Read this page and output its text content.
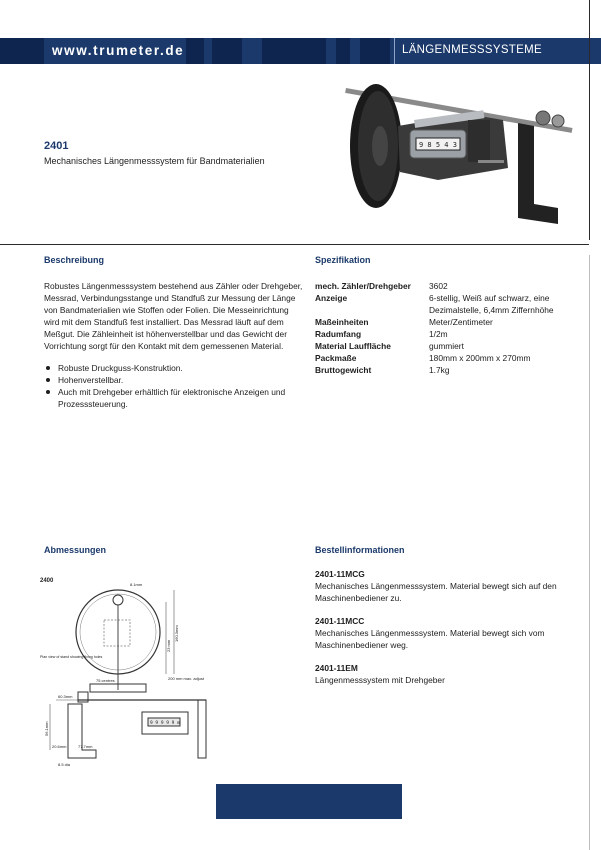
www.trumeter.de	LÄNGENMESSSYSTEME
2401
Mechanisches Längenmesssystem für Bandmaterialien
9 8 5 4 3
Beschreibung
Robustes Längenmesssystem bestehend aus Zähler oder Drehgeber, Messrad, Verbindungsstange und Standfuß zur Messung der Länge von Bandmaterialien wie Stoffen oder Folien. Die Messeinrichtung wird mit dem Standfuß fest installiert. Das Messrad läuft auf dem Meßgut. Die Zähleinheit ist höhenverstellbar und das Gewicht der Vorrichtung sorgt für den Kontakt mit dem gemessenen Material.
Robuste Druckguss-Konstruktion.
Hohenverstellbar.
Auch mit Drehgeber erhältlich für elektronische Anzeigen und Prozesssteuerung.
Spezifikation
mech. Zähler/Drehgeber	3602
Anzeige	6-stellig, Weiß auf schwarz, eine Dezimalstelle, 6,4mm Ziffernhöhe
Maßeinheiten	Meter/Zentimeter
Radumfang	1/2m
Material Lauffläche	gummiert
Packmaße	180mm x 200mm x 270mm
Bruttogewicht	1.7kg
Abmessungen
2400
160.3mm
23 mm
8.1mm
75 centres
Plan view of stand showing fixing holes
9 9 9 9 9 m
200 mm max. adjust
56.1mm
60.3mm
20.6mm	77.7mm
8.5 dia
Bestellinformationen
2401-11MCG
Mechanisches Längenmesssystem. Material bewegt sich auf den Maschinenbediener zu.
2401-11MCC
Mechanisches Längenmesssystem. Material bewegt sich vom Maschinenbediener weg.
2401-11EM
Längenmesssystem mit Drehgeber
